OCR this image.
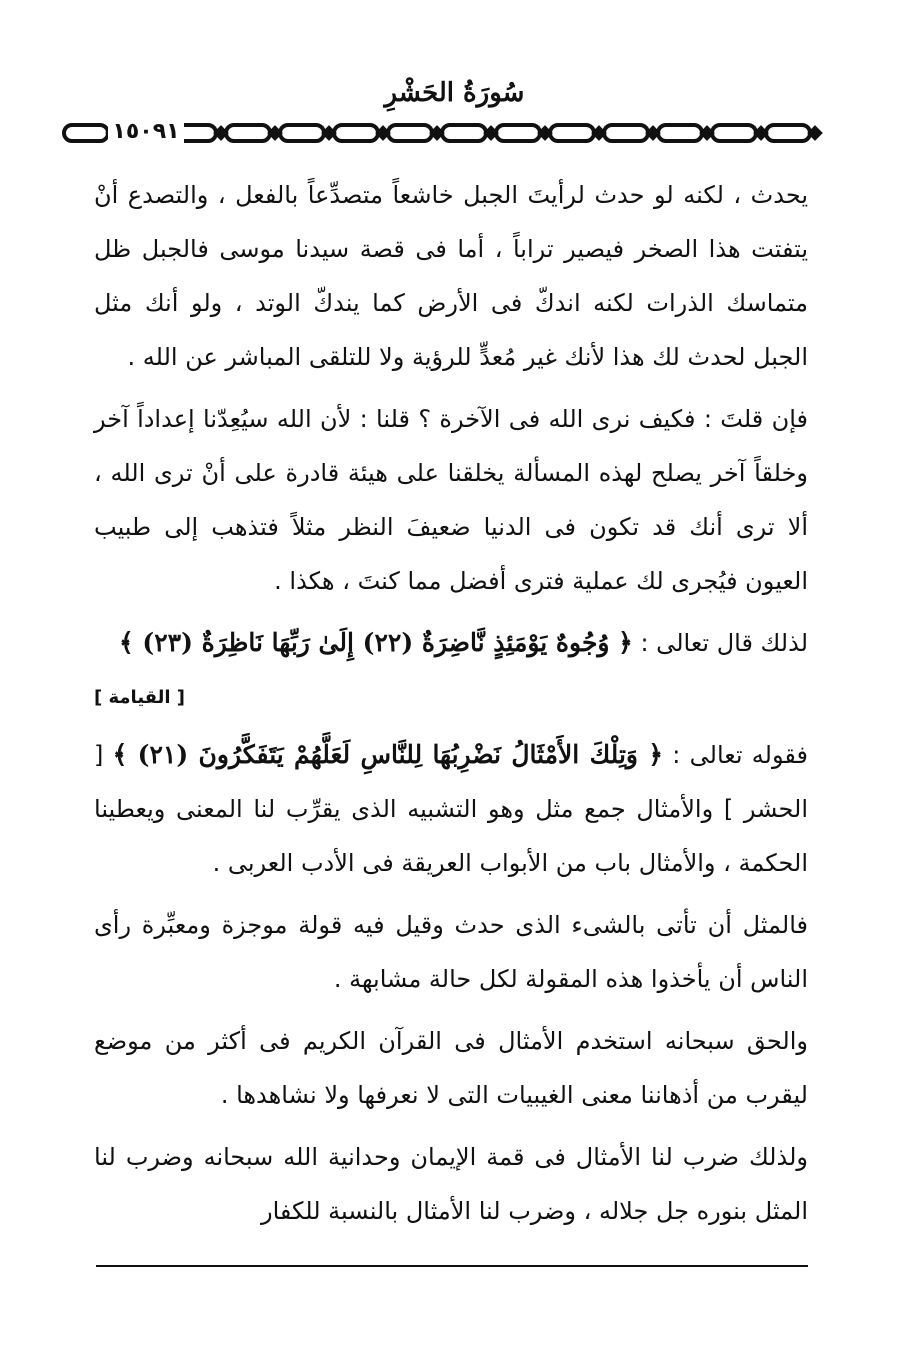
سُورَةُ الحَشْرِ
١٥٠٩١

يحدث ، لكنه لو حدث لرأيتَ الجبل خاشعاً متصدِّعاً بالفعل ، والتصدع أنْ يتفتت هذا الصخر فيصير تراباً ، أما فى قصة سيدنا موسى فالجبل ظل متماسك الذرات لكنه اندكّ فى الأرض كما يندكّ الوتد ، ولو أنك مثل الجبل لحدث لك هذا لأنك غير مُعدٍّ للرؤية ولا للتلقى المباشر عن الله .

فإن قلتَ : فكيف نرى الله فى الآخرة ؟ قلنا : لأن الله سيُعِدّنا إعداداً آخر وخلقاً آخر يصلح لهذه المسألة يخلقنا على هيئة قادرة على أنْ ترى الله ، ألا ترى أنك قد تكون فى الدنيا ضعيفَ النظر مثلاً فتذهب إلى طبيب العيون فيُجرى لك عملية فترى أفضل مما كنتَ ، هكذا .

لذلك قال تعالى : ﴿ وُجُوهٌ يَوْمَئِذٍ نَّاضِرَةٌ (٢٢) إِلَىٰ رَبِّهَا نَاظِرَةٌ (٢٣) ﴾

[ القيامة ]

فقوله تعالى : ﴿ وَتِلْكَ الأَمْثَالُ نَضْرِبُهَا لِلنَّاسِ لَعَلَّهُمْ يَتَفَكَّرُونَ (٢١) ﴾ [ الحشر ] والأمثال جمع مثل وهو التشبيه الذى يقرِّب لنا المعنى ويعطينا الحكمة ، والأمثال باب من الأبواب العريقة فى الأدب العربى .

فالمثل أن تأتى بالشىء الذى حدث وقيل فيه قولة موجزة ومعبِّرة رأى الناس أن يأخذوا هذه المقولة لكل حالة مشابهة .

والحق سبحانه استخدم الأمثال فى القرآن الكريم فى أكثر من موضع ليقرب من أذهاننا معنى الغيبيات التى لا نعرفها ولا نشاهدها .

ولذلك ضرب لنا الأمثال فى قمة الإيمان وحدانية الله سبحانه وضرب لنا المثل بنوره جل جلاله ، وضرب لنا الأمثال بالنسبة للكفار
